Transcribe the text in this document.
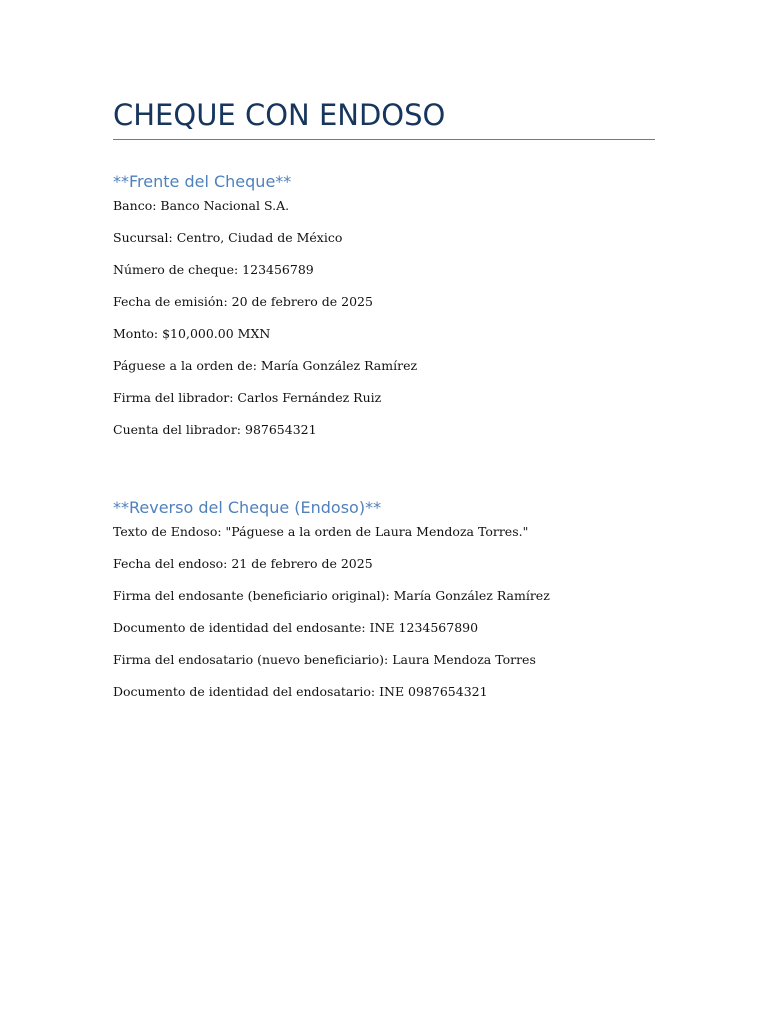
CHEQUE CON ENDOSO
**Frente del Cheque**

Banco: Banco Nacional S.A.

Sucursal: Centro, Ciudad de México

Número de cheque: 123456789

Fecha de emisión: 20 de febrero de 2025

Monto: $10,000.00 MXN

Páguese a la orden de: María González Ramírez

Firma del librador: Carlos Fernández Ruiz

Cuenta del librador: 987654321

**Reverso del Cheque (Endoso)**

Texto de Endoso: "Páguese a la orden de Laura Mendoza Torres."

Fecha del endoso: 21 de febrero de 2025

Firma del endosante (beneficiario original): María González Ramírez

Documento de identidad del endosante: INE 1234567890

Firma del endosatario (nuevo beneficiario): Laura Mendoza Torres

Documento de identidad del endosatario: INE 0987654321
